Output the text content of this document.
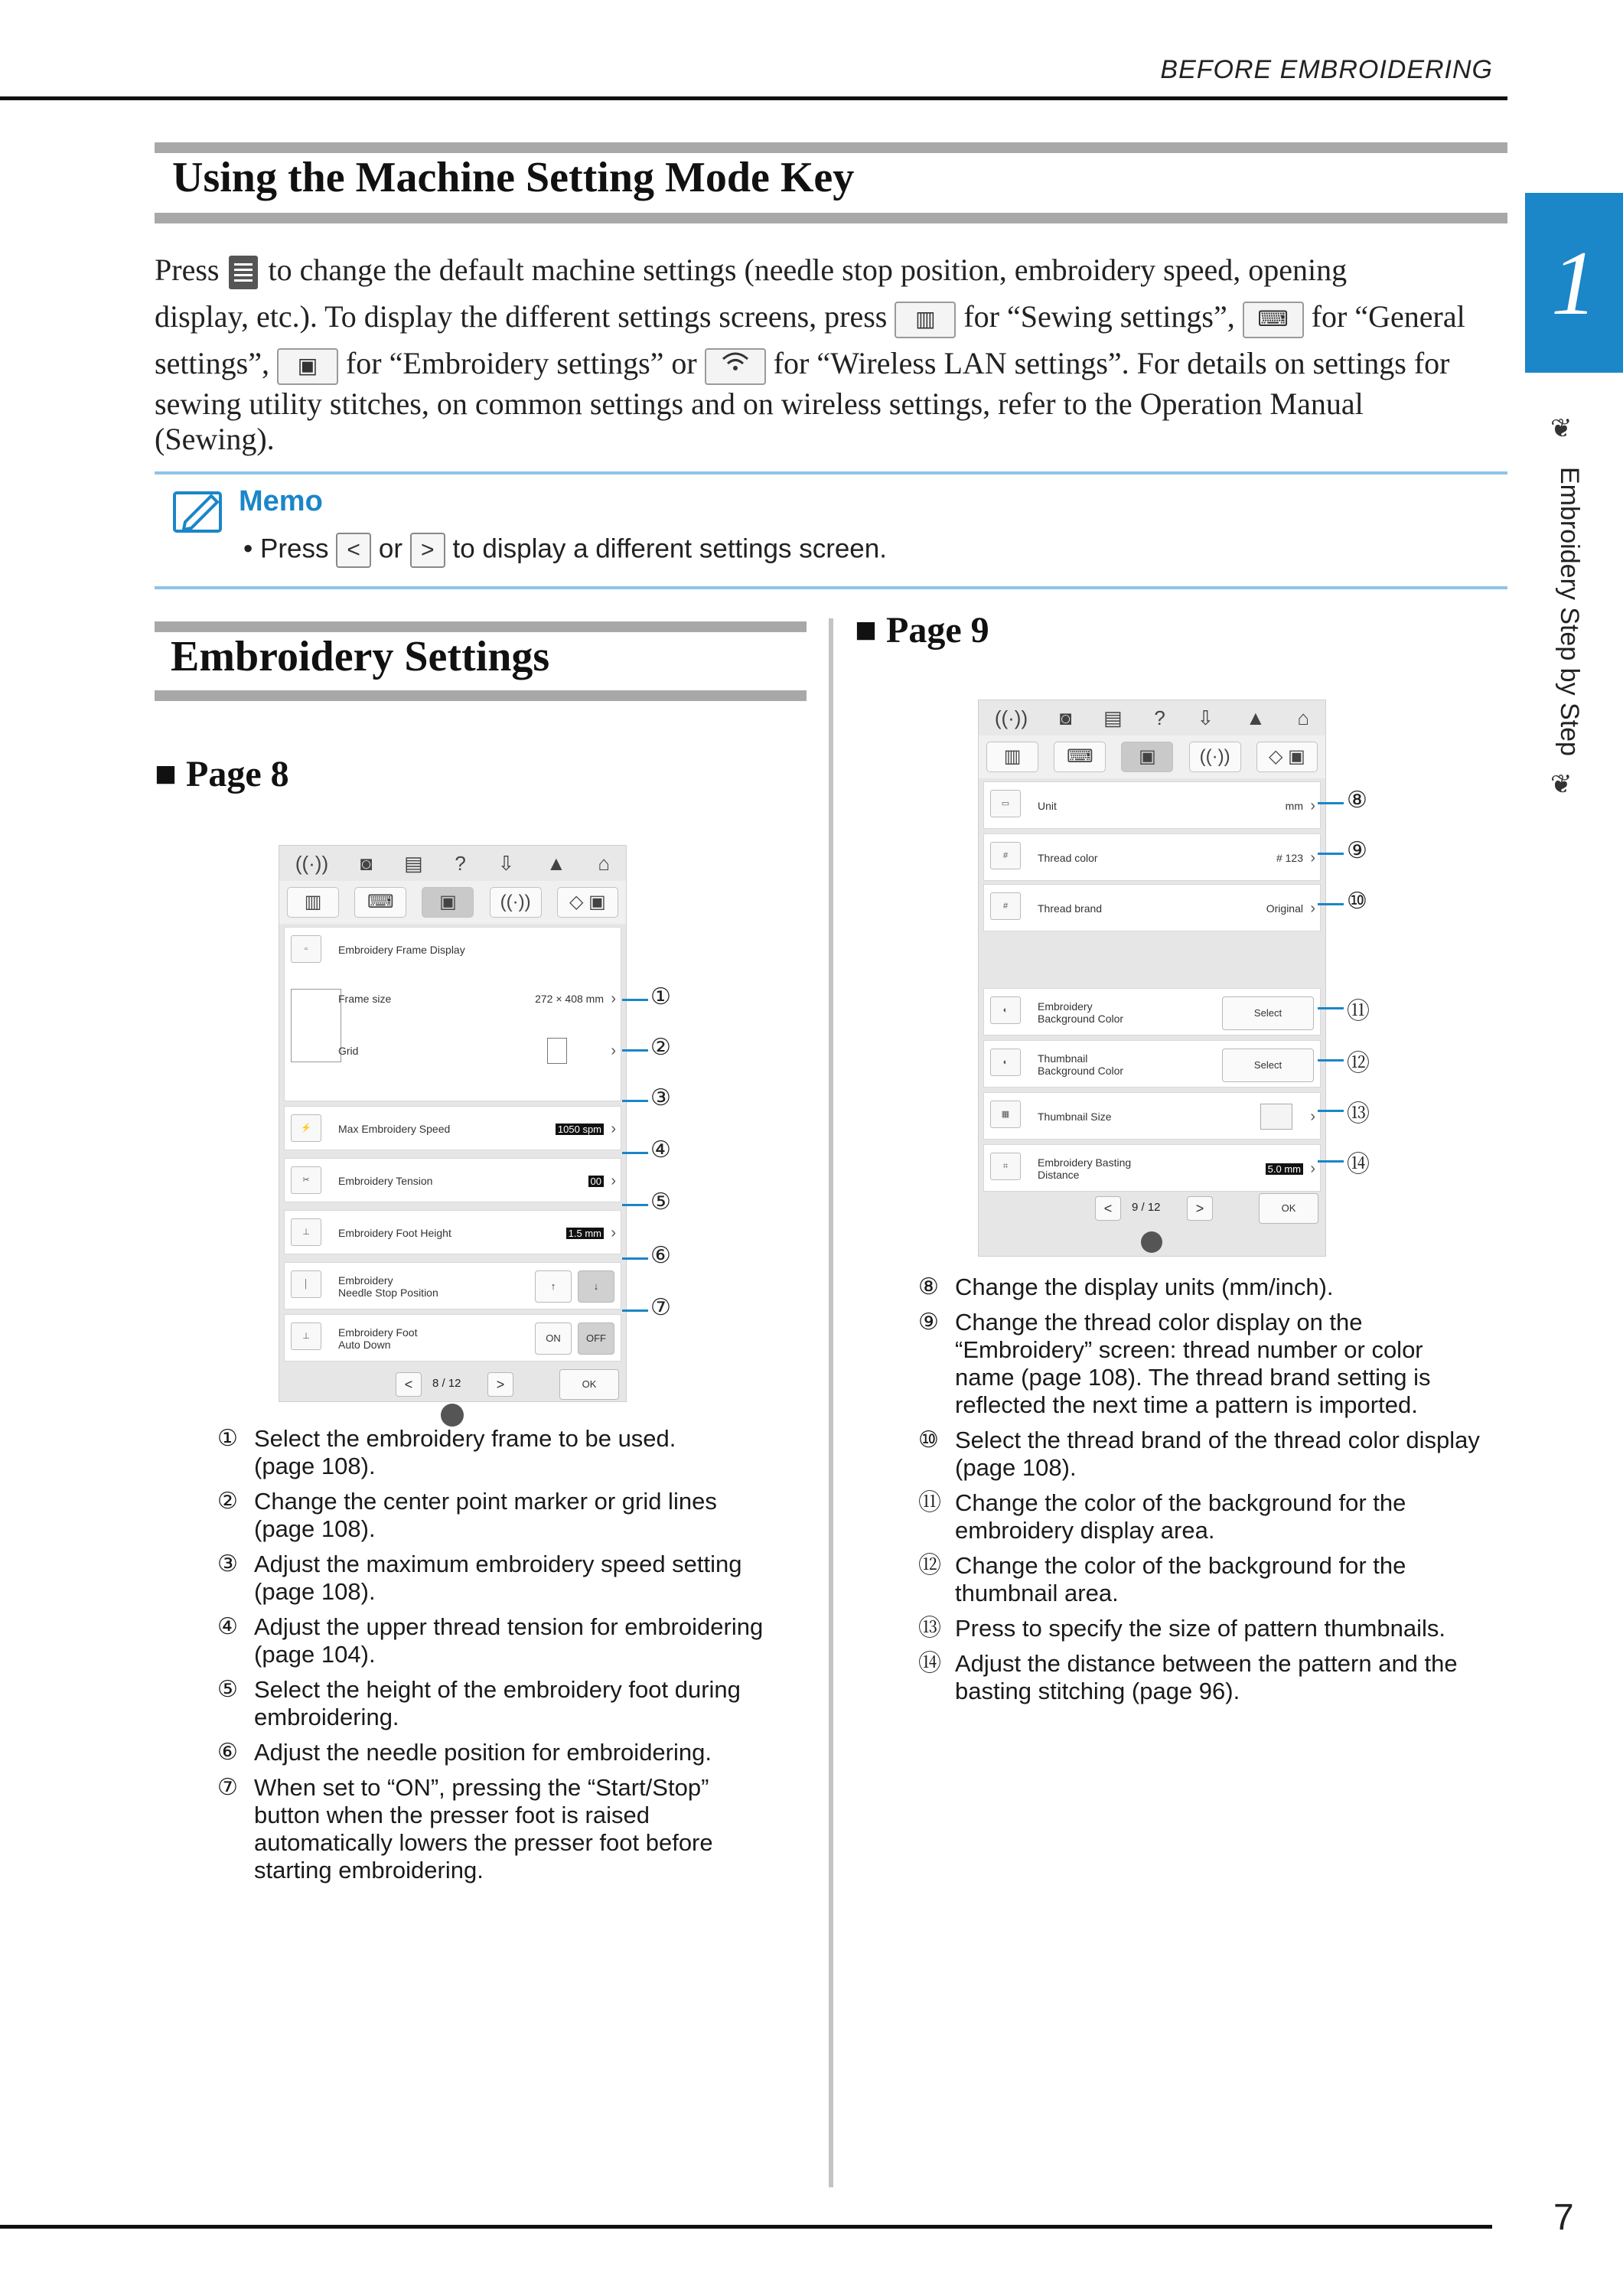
BEFORE EMBROIDERING
1
❦
Embroidery Step by Step
❦
Using the Machine Setting Mode Key
Press to change the default machine settings (needle stop position, embroidery speed, opening
display, etc.). To display the different settings screens, press ▥ for “Sewing settings”, ⌨ for “General
settings”, ▣ for “Embroidery settings” or	for “Wireless LAN settings”. For details on settings for
sewing utility stitches, on common settings and on wireless settings, refer to the Operation Manual
(Sewing).
Memo
• Press < or > to display a different settings screen.
Embroidery Settings
■ Page 8
■ Page 9
((·)) ◙ ▤ ? ⇩ ▲ ⌂
▥	⌨	▣	((·))	◇ ▣
▫	Embroidery Frame Display
Frame size	272 × 408 mm ›
Grid	›
⚡	Max Embroidery Speed	1050 spm ›
✂	Embroidery Tension	00 ›
⊥	Embroidery Foot Height	1.5 mm ›
│	Embroidery
Needle Stop Position
↑	↓
⊥	Embroidery Foot
Auto Down
ON	OFF
<	8 / 12	>	OK
①
②
③
④
⑤
⑥
⑦
① Select the embroidery frame to be used.
(page 108).
② Change the center point marker or grid lines
(page 108).
③ Adjust the maximum embroidery speed setting
(page 108).
④ Adjust the upper thread tension for embroidering
(page 104).
⑤ Select the height of the embroidery foot during
embroidering.
⑥ Adjust the needle position for embroidering.
⑦ When set to “ON”, pressing the “Start/Stop”
button when the presser foot is raised
automatically lowers the presser foot before
starting embroidering.
((·)) ◙ ▤ ? ⇩ ▲ ⌂
▥	⌨	▣	((·))	◇ ▣
▭	Unit	mm ›
#	Thread color	# 123 ›
#	Thread brand	Original ›
◐	Embroidery
Background Color	Select
◐	Thumbnail
Background Color	Select
▦	Thumbnail Size	›
⌗	Embroidery Basting
Distance	5.0 mm ›
<	9 / 12	>	OK
⑧
⑨
⑩
⑪
⑫
⑬
⑭
⑧ Change the display units (mm/inch).
⑨ Change the thread color display on the
“Embroidery” screen: thread number or color
name (page 108). The thread brand setting is
reflected the next time a pattern is imported.
⑩ Select the thread brand of the thread color display
(page 108).
⑪ Change the color of the background for the
embroidery display area.
⑫ Change the color of the background for the
thumbnail area.
⑬ Press to specify the size of pattern thumbnails.
⑭ Adjust the distance between the pattern and the
basting stitching (page 96).
7
